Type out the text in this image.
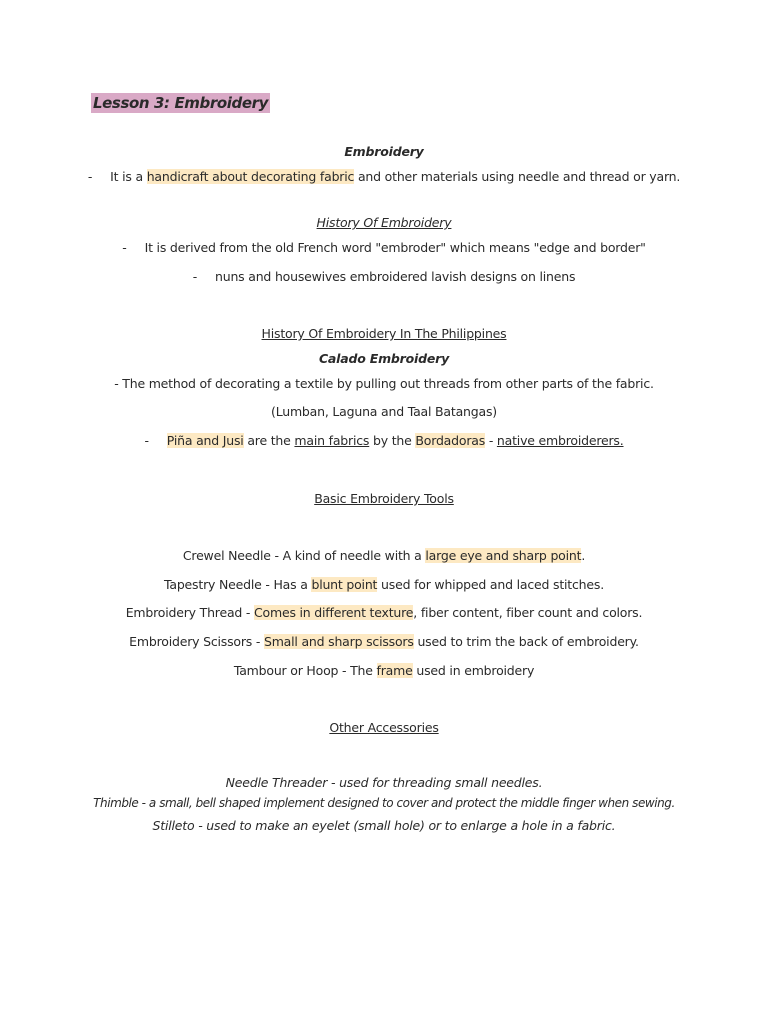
Lesson 3: Embroidery
Embroidery
- It is a handicraft about decorating fabric and other materials using needle and thread or yarn.
History Of Embroidery
- It is derived from the old French word "embroder" which means "edge and border"
- nuns and housewives embroidered lavish designs on linens
History Of Embroidery In The Philippines
Calado Embroidery
- The method of decorating a textile by pulling out threads from other parts of the fabric.
(Lumban, Laguna and Taal Batangas)
- Piña and Jusi are the main fabrics by the Bordadoras - native embroiderers.
Basic Embroidery Tools
Crewel Needle - A kind of needle with a large eye and sharp point.
Tapestry Needle - Has a blunt point used for whipped and laced stitches.
Embroidery Thread - Comes in different texture, fiber content, fiber count and colors.
Embroidery Scissors - Small and sharp scissors used to trim the back of embroidery.
Tambour or Hoop - The frame used in embroidery
Other Accessories
Needle Threader - used for threading small needles.
Thimble - a small, bell shaped implement designed to cover and protect the middle finger when sewing.
Stilleto - used to make an eyelet (small hole) or to enlarge a hole in a fabric.
